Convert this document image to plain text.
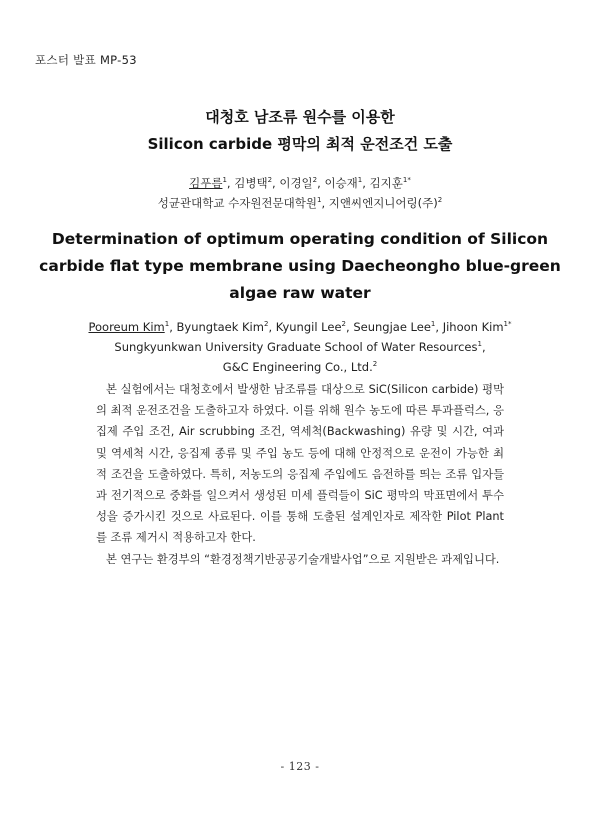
포스터 발표 MP-53
대청호 남조류 원수를 이용한
Silicon carbide 평막의 최적 운전조건 도출
김푸름$^1$, 김병택$^2$, 이경일$^2$, 이승재$^1$, 김지훈$^{1*}$
성균관대학교 수자원전문대학원$^1$, 지앤씨엔지니어링(주)$^2$
Determination of optimum operating condition of Silicon
carbide flat type membrane using Daecheongho blue-green
algae raw water
Pooreum Kim$^1$, Byungtaek Kim$^2$, Kyungil Lee$^2$, Seungjae Lee$^1$, Jihoon Kim$^{1*}$
Sungkyunkwan University Graduate School of Water Resources$^1$,
G&C Engineering Co., Ltd.$^2$

본 실험에서는 대청호에서 발생한 남조류를 대상으로 SiC(Silicon carbide) 평막의 최적 운전조건을 도출하고자 하였다. 이를 위해 원수 농도에 따른 투과플럭스, 응집제 주입 조건, Air scrubbing 조건, 역세척(Backwashing) 유량 및 시간, 여과 및 역세척 시간, 응집제 종류 및 주입 농도 등에 대해 안정적으로 운전이 가능한 최적 조건을 도출하였다. 특히, 저농도의 응집제 주입에도 음전하를 띄는 조류 입자들과 전기적으로 중화를 일으켜서 생성된 미세 플럭들이 SiC 평막의 막표면에서 투수성을 증가시킨 것으로 사료된다. 이를 통해 도출된 설계인자로 제작한 Pilot Plant를 조류 제거시 적용하고자 한다.

본 연구는 환경부의 “환경정책기반공공기술개발사업”으로 지원받은 과제입니다.

- 123 -
